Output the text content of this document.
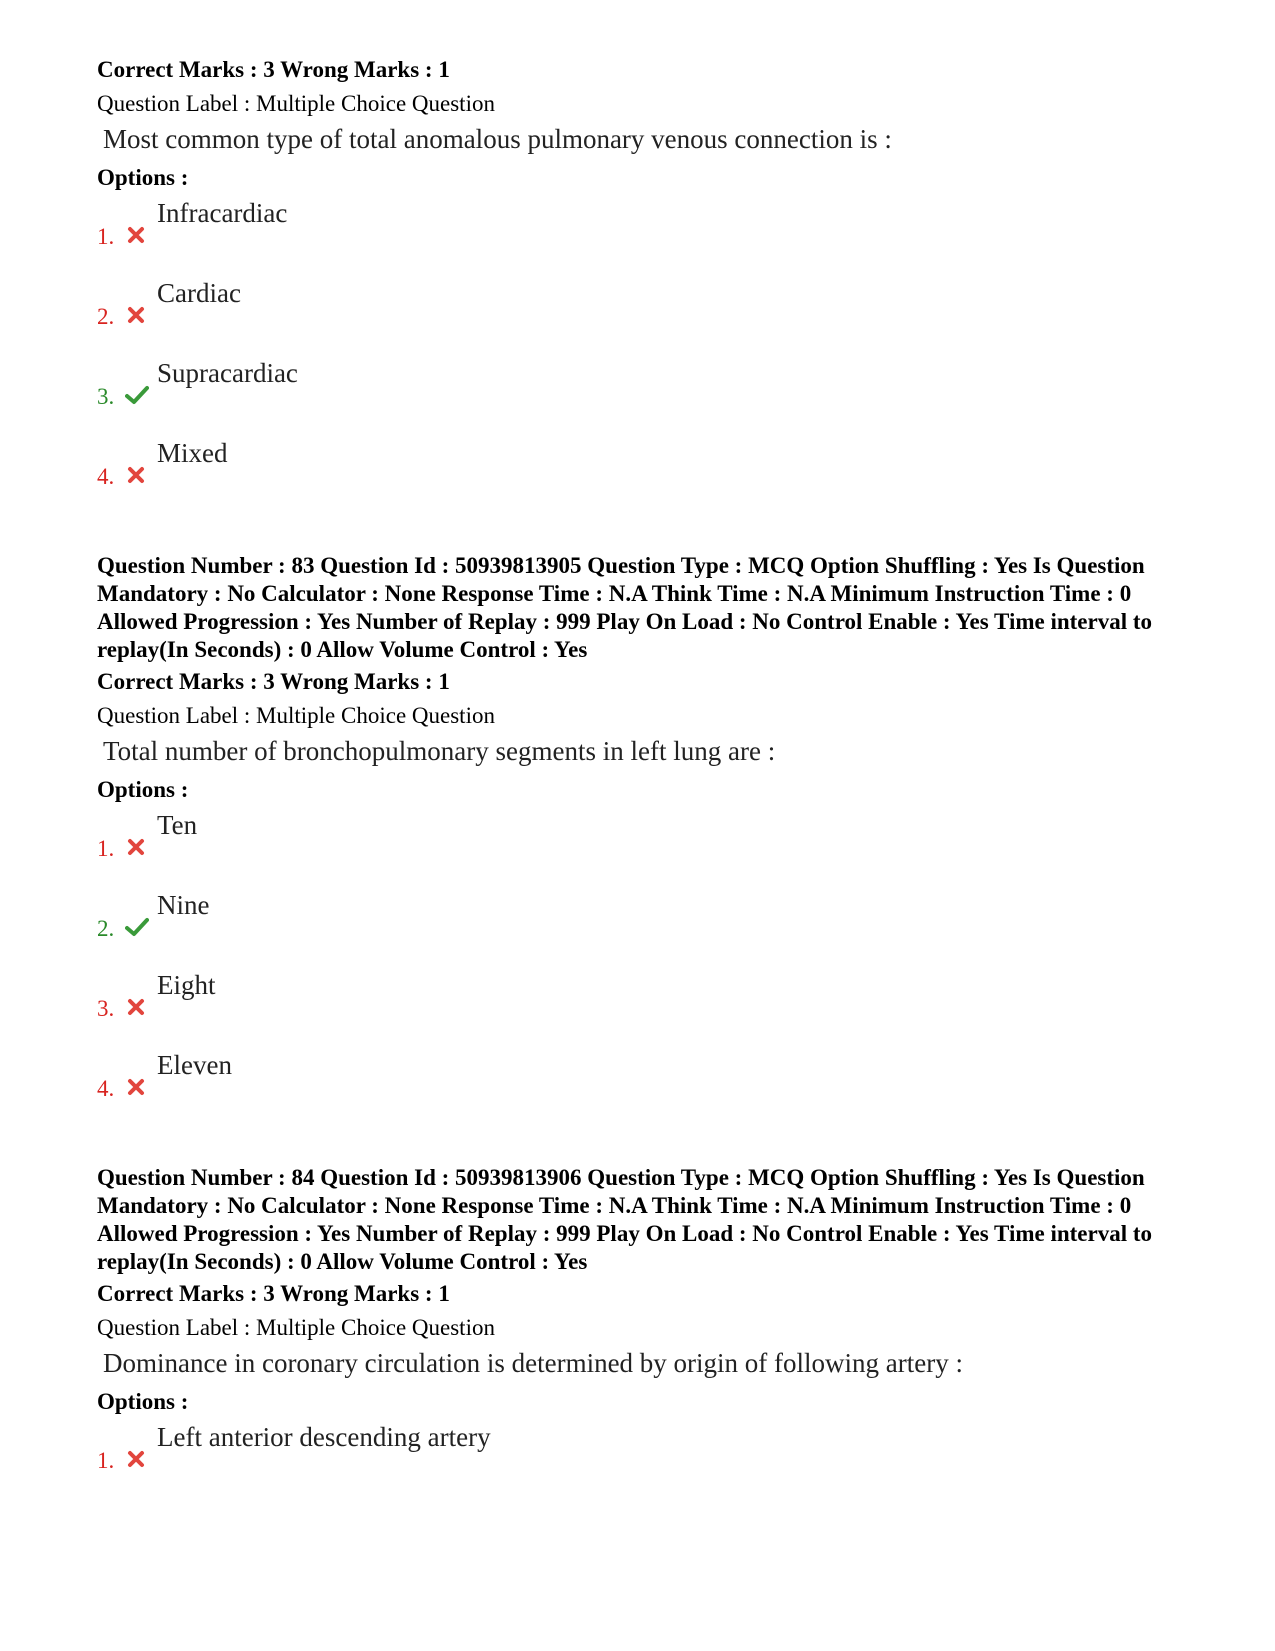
Correct Marks : 3 Wrong Marks : 1
Question Label : Multiple Choice Question
Most common type of total anomalous pulmonary venous connection is :
Options :
1.
Infracardiac
2.
Cardiac
3.
Supracardiac
4.
Mixed
Question Number : 83 Question Id : 50939813905 Question Type : MCQ Option Shuffling : Yes Is Question Mandatory : No Calculator : None Response Time : N.A Think Time : N.A Minimum Instruction Time : 0 Allowed Progression : Yes Number of Replay : 999 Play On Load : No Control Enable : Yes Time interval to replay(In Seconds) : 0 Allow Volume Control : Yes
Correct Marks : 3 Wrong Marks : 1
Question Label : Multiple Choice Question
Total number of bronchopulmonary segments in left lung are :
Options :
1.
Ten
2.
Nine
3.
Eight
4.
Eleven
Question Number : 84 Question Id : 50939813906 Question Type : MCQ Option Shuffling : Yes Is Question Mandatory : No Calculator : None Response Time : N.A Think Time : N.A Minimum Instruction Time : 0 Allowed Progression : Yes Number of Replay : 999 Play On Load : No Control Enable : Yes Time interval to replay(In Seconds) : 0 Allow Volume Control : Yes
Correct Marks : 3 Wrong Marks : 1
Question Label : Multiple Choice Question
Dominance in coronary circulation is determined by origin of following artery :
Options :
1.
Left anterior descending artery
